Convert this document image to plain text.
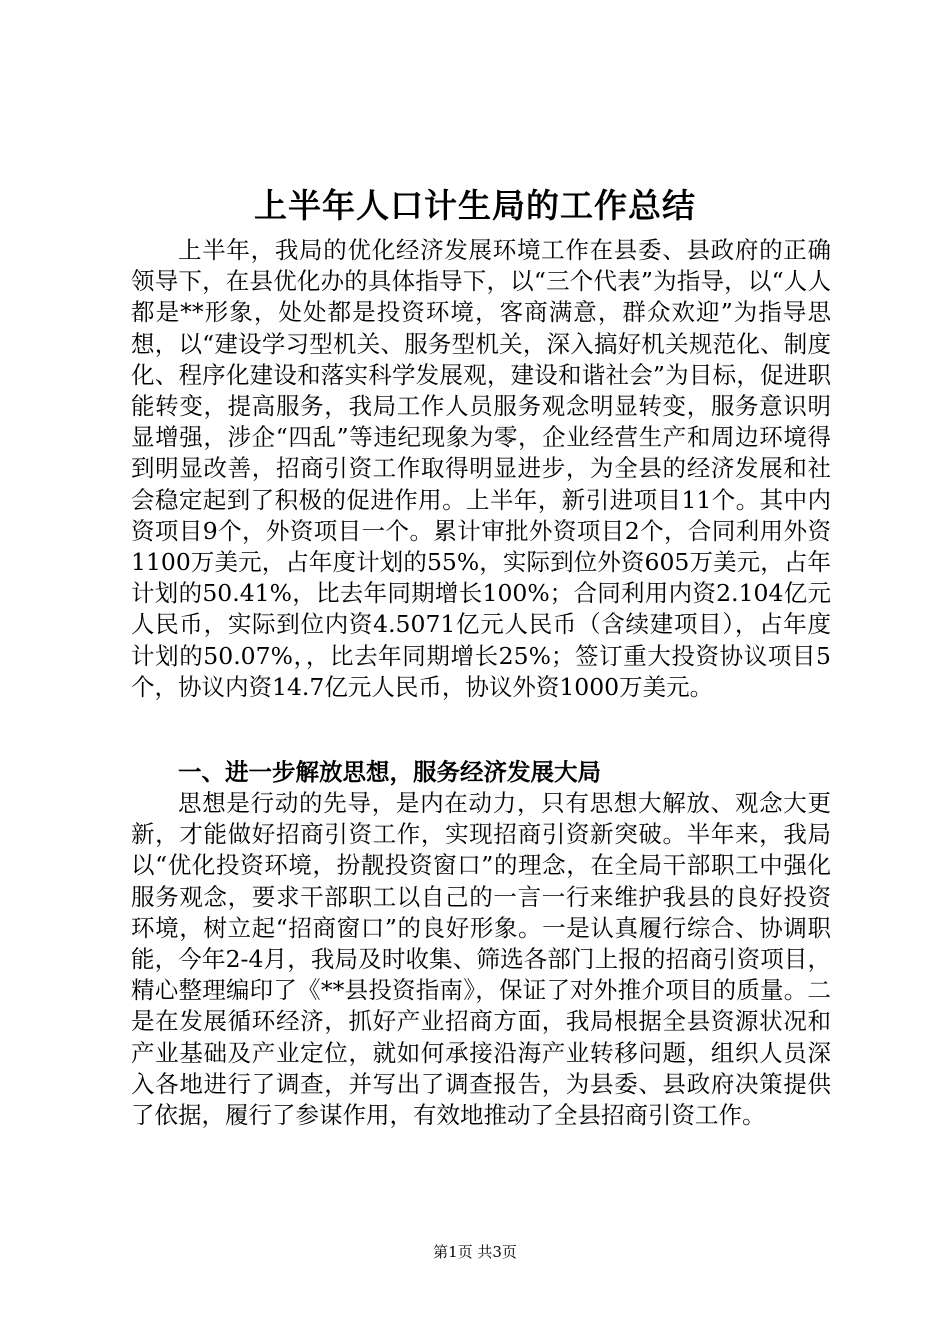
上半年人口计生局的工作总结

上半年，我局的优化经济发展环境工作在县委、县政府的正确领导下，在县优化办的具体指导下，以“三个代表”为指导，以“人人都是**形象，处处都是投资环境，客商满意，群众欢迎”为指导思想，以“建设学习型机关、服务型机关，深入搞好机关规范化、制度化、程序化建设和落实科学发展观，建设和谐社会”为目标，促进职能转变，提高服务，我局工作人员服务观念明显转变，服务意识明显增强，涉企“四乱”等违纪现象为零，企业经营生产和周边环境得到明显改善，招商引资工作取得明显进步，为全县的经济发展和社会稳定起到了积极的促进作用。上半年，新引进项目11个。其中内资项目9个，外资项目一个。累计审批外资项目2个，合同利用外资1100万美元，占年度计划的55%，实际到位外资605万美元，占年计划的50.41%，比去年同期增长100%；合同利用内资2.104亿元人民币，实际到位内资4.5071亿元人民币（含续建项目），占年度计划的50.07%，，比去年同期增长25%；签订重大投资协议项目5个，协议内资14.7亿元人民币，协议外资1000万美元。

一、进一步解放思想，服务经济发展大局

思想是行动的先导，是内在动力，只有思想大解放、观念大更新，才能做好招商引资工作，实现招商引资新突破。半年来，我局以“优化投资环境，扮靓投资窗口”的理念，在全局干部职工中强化服务观念，要求干部职工以自己的一言一行来维护我县的良好投资环境，树立起“招商窗口”的良好形象。一是认真履行综合、协调职能，今年2-4月，我局及时收集、筛选各部门上报的招商引资项目，精心整理编印了《**县投资指南》，保证了对外推介项目的质量。二是在发展循环经济，抓好产业招商方面，我局根据全县资源状况和产业基础及产业定位，就如何承接沿海产业转移问题，组织人员深入各地进行了调查，并写出了调查报告，为县委、县政府决策提供了依据，履行了参谋作用，有效地推动了全县招商引资工作。

第1页 共3页
